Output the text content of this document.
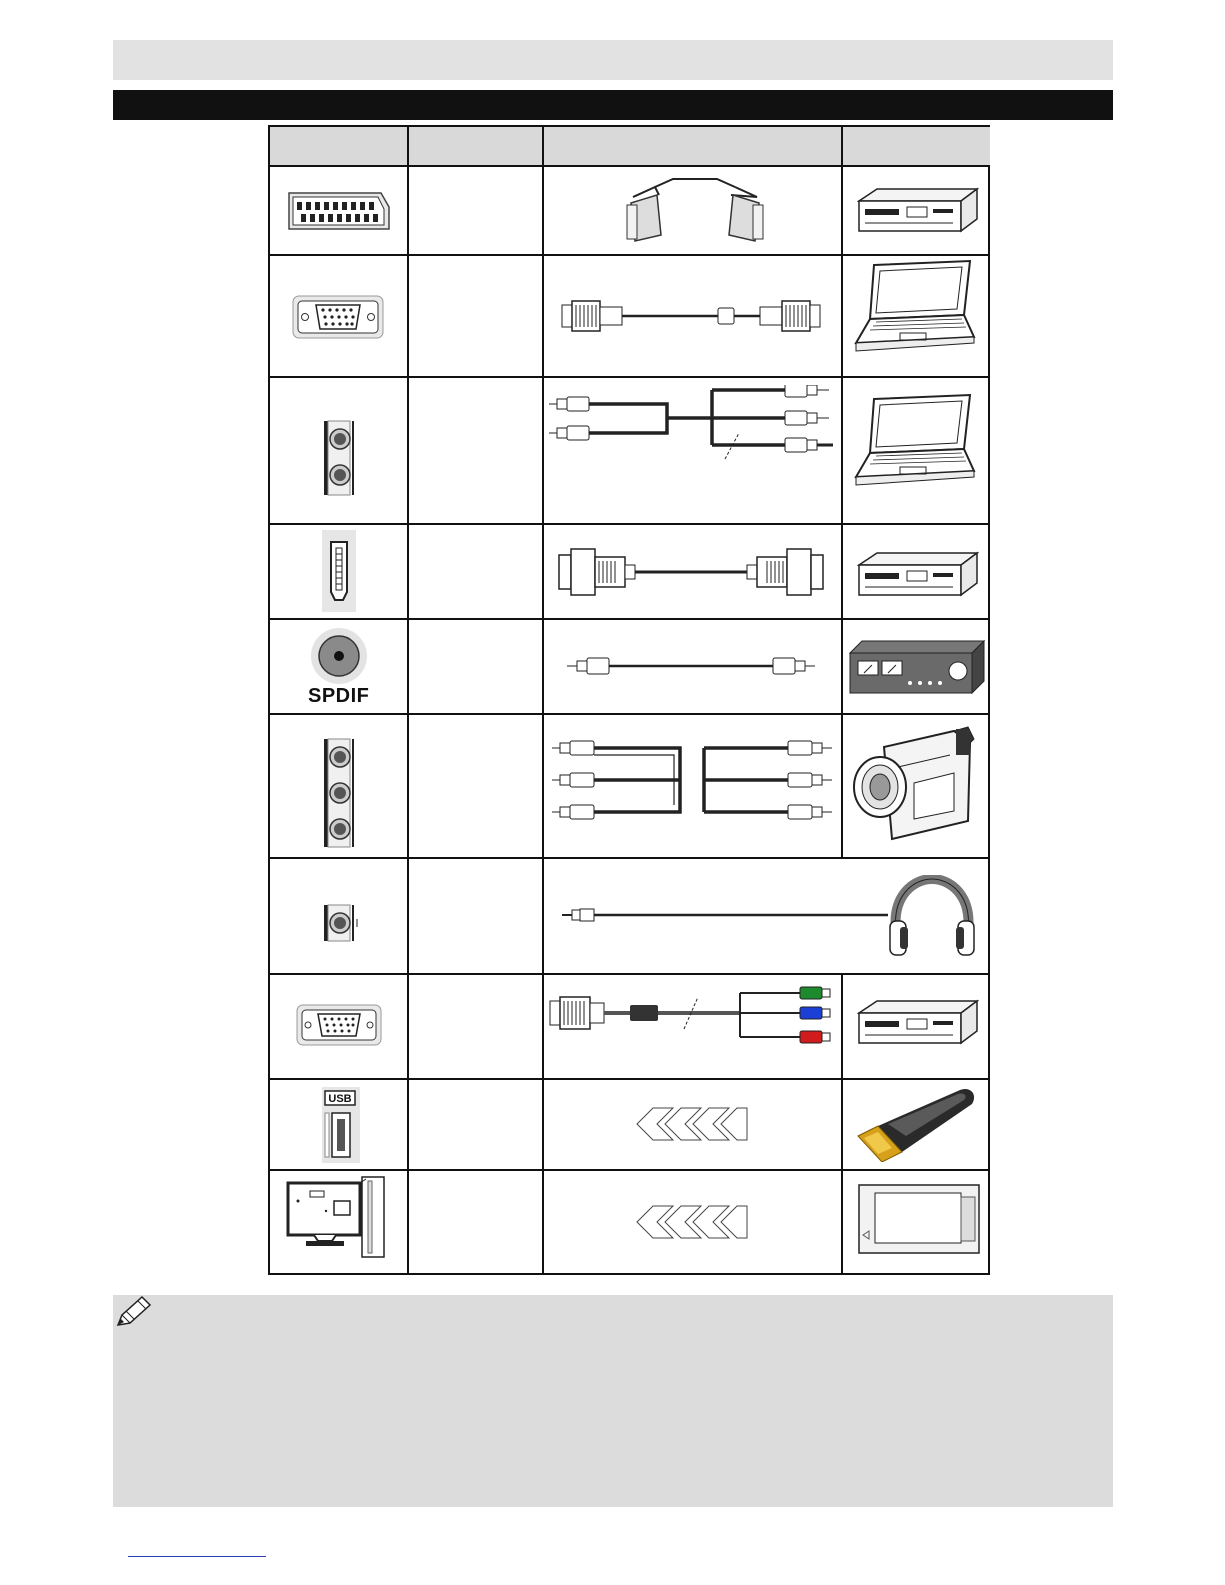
SPDIF
USB
